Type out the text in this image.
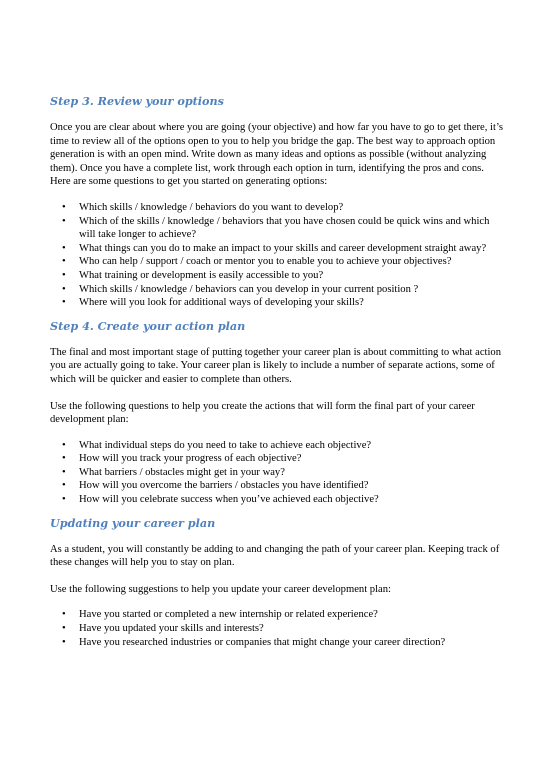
Step 3. Review your options

Once you are clear about where you are going (your objective) and how far you have to go to get there, it’s time to review all of the options open to you to help you bridge the gap. The best way to approach option generation is with an open mind. Write down as many ideas and options as possible (without analyzing them). Once you have a complete list, work through each option in turn, identifying the pros and cons. Here are some questions to get you started on generating options:

• Which skills / knowledge / behaviors do you want to develop?
• Which of the skills / knowledge / behaviors that you have chosen could be quick wins and which will take longer to achieve?
• What things can you do to make an impact to your skills and career development straight away?
• Who can help / support / coach or mentor you to enable you to achieve your objectives?
• What training or development is easily accessible to you?
• Which skills / knowledge / behaviors can you develop in your current position ?
• Where will you look for additional ways of developing your skills?
Step 4. Create your action plan

The final and most important stage of putting together your career plan is about committing to what action you are actually going to take. Your career plan is likely to include a number of separate actions, some of which will be quicker and easier to complete than others.

Use the following questions to help you create the actions that will form the final part of your career development plan:

• What individual steps do you need to take to achieve each objective?
• How will you track your progress of each objective?
• What barriers / obstacles might get in your way?
• How will you overcome the barriers / obstacles you have identified?
• How will you celebrate success when you’ve achieved each objective?
Updating your career plan

As a student, you will constantly be adding to and changing the path of your career plan. Keeping track of these changes will help you to stay on plan.

Use the following suggestions to help you update your career development plan:

• Have you started or completed a new internship or related experience?
• Have you updated your skills and interests?
• Have you researched industries or companies that might change your career direction?
